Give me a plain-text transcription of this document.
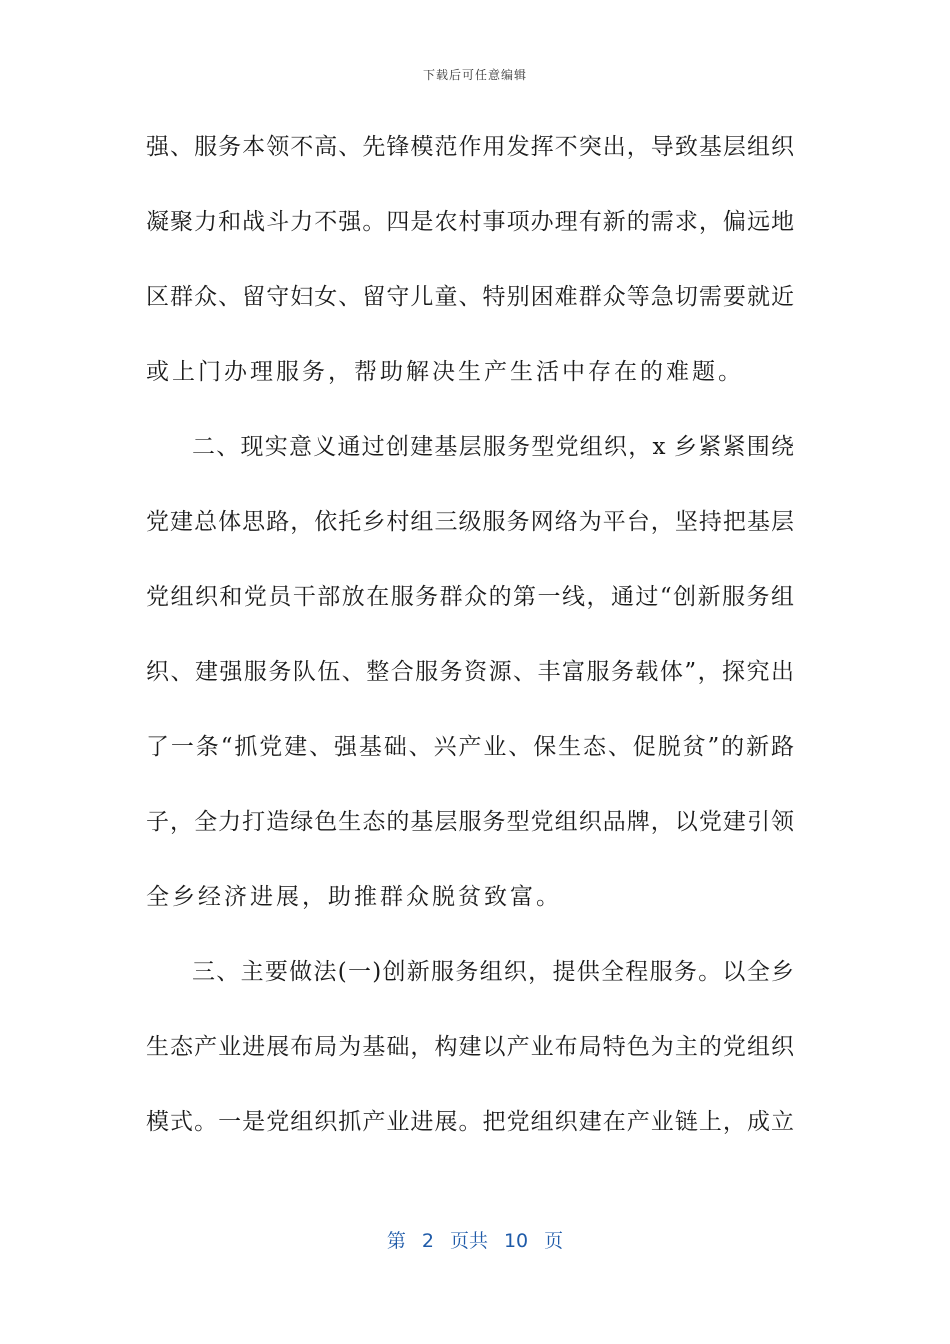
下载后可任意编辑
强、服务本领不高、先锋模范作用发挥不突出，导致基层组织
凝聚力和战斗力不强。四是农村事项办理有新的需求，偏远地
区群众、留守妇女、留守儿童、特别困难群众等急切需要就近
或上门办理服务，帮助解决生产生活中存在的难题。
二、现实意义通过创建基层服务型党组织，x 乡紧紧围绕
党建总体思路，依托乡村组三级服务网络为平台，坚持把基层
党组织和党员干部放在服务群众的第一线，通过“创新服务组
织、建强服务队伍、整合服务资源、丰富服务载体”，探究出
了一条“抓党建、强基础、兴产业、保生态、促脱贫”的新路
子，全力打造绿色生态的基层服务型党组织品牌，以党建引领
全乡经济进展，助推群众脱贫致富。
三、主要做法(一)创新服务组织，提供全程服务。以全乡
生态产业进展布局为基础，构建以产业布局特色为主的党组织
模式。一是党组织抓产业进展。把党组织建在产业链上，成立
第 2 页共 10 页
